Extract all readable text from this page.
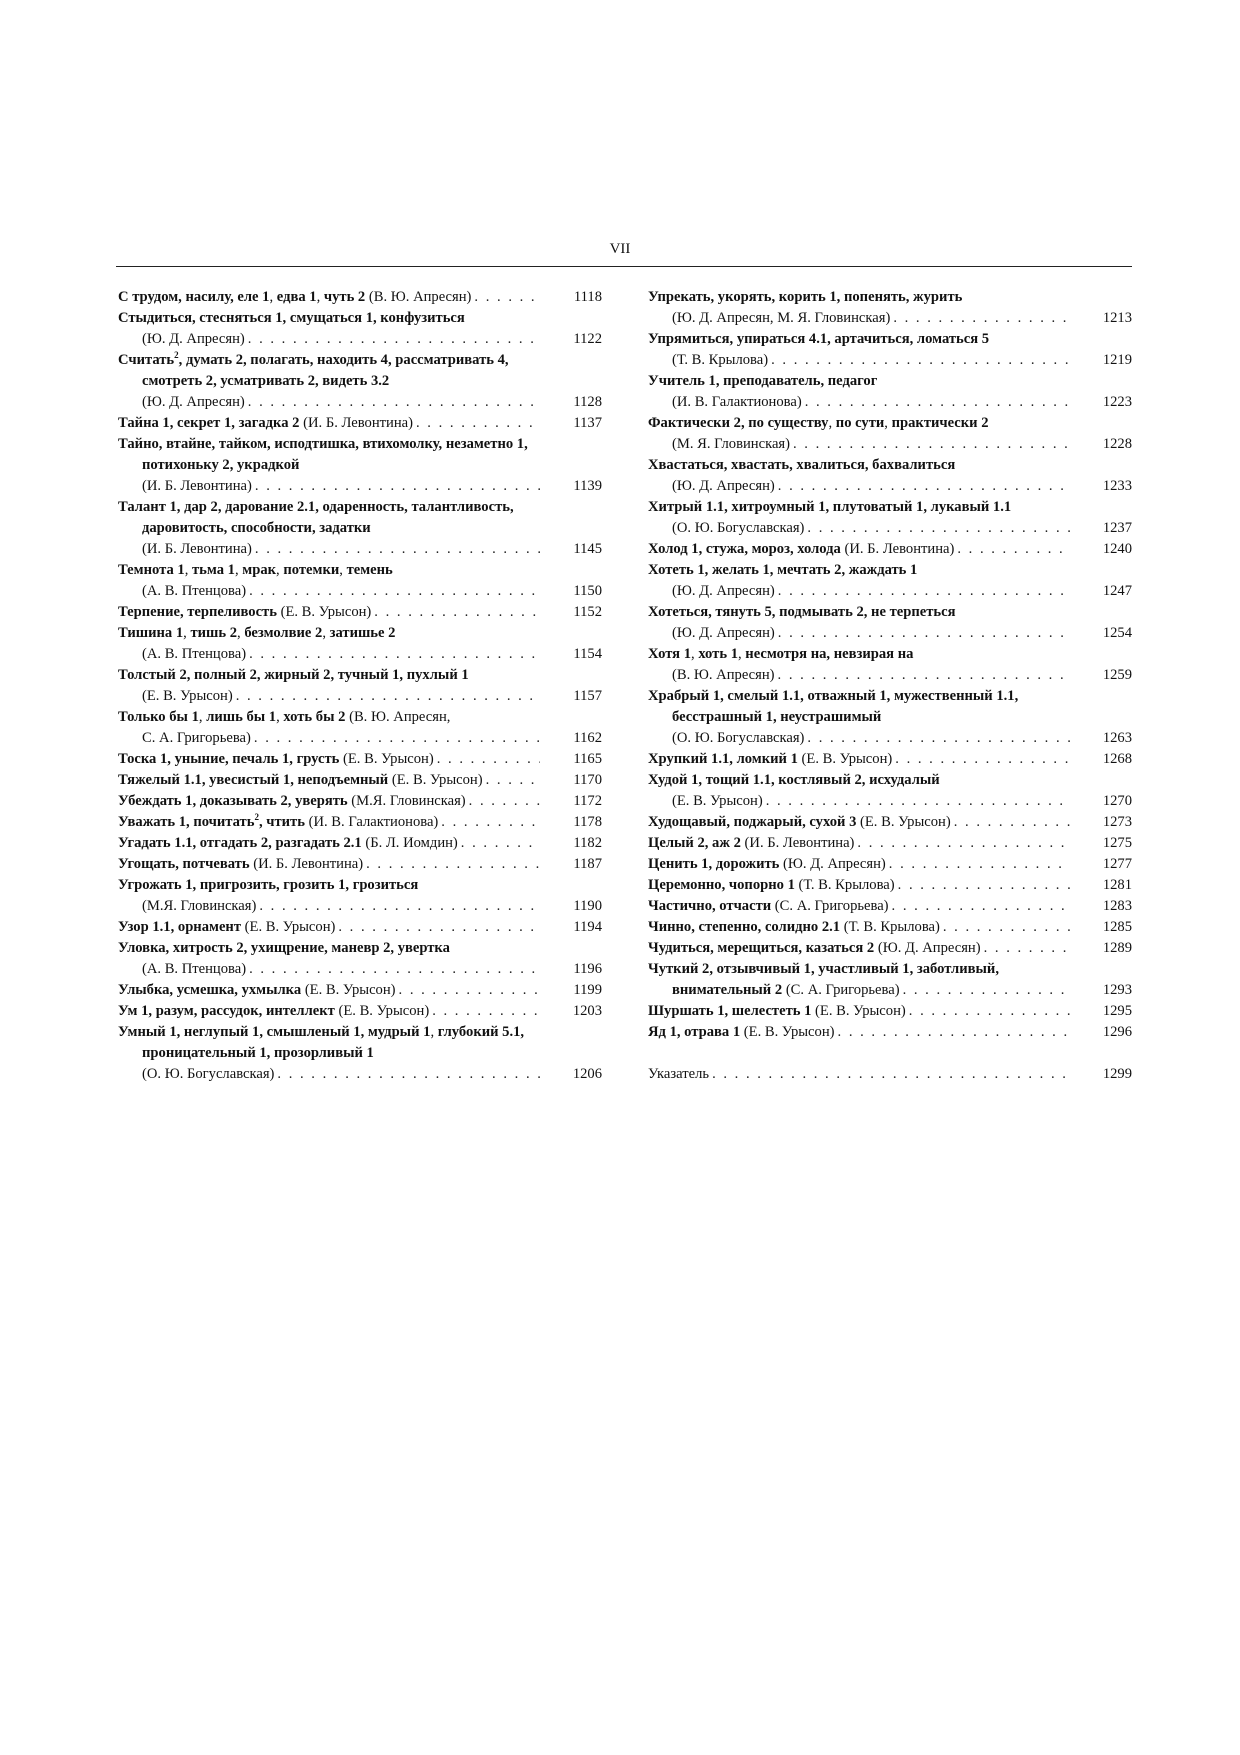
VII
С трудом, насилу, еле 1, едва 1, чуть 2 (В. Ю. Апресян) . . .	1118
Стыдиться, стесняться 1, смущаться 1, конфузиться
(Ю. Д. Апресян) . . .	1122
Считать$^2$, думать 2, полагать, находить 4, рассматривать 4, смотреть 2, усматривать 2, видеть 3.2
(Ю. Д. Апресян) . . .	1128
Тайна 1, секрет 1, загадка 2 (И. Б. Левонтина) . . .	1137
Тайно, втайне, тайком, исподтишка, втихомолку, незаметно 1, потихоньку 2, украдкой
(И. Б. Левонтина) . . .	1139
Талант 1, дар 2, дарование 2.1, одаренность, талантливость, даровитость, способности, задатки
(И. Б. Левонтина) . . .	1145
Темнота 1, тьма 1, мрак, потемки, темень
(А. В. Птенцова) . . .	1150
Терпение, терпеливость (Е. В. Урысон) . . .	1152
Тишина 1, тишь 2, безмолвие 2, затишье 2
(А. В. Птенцова) . . .	1154
Толстый 2, полный 2, жирный 2, тучный 1, пухлый 1
(Е. В. Урысон) . . .	1157
Только бы 1, лишь бы 1, хоть бы 2 (В. Ю. Апресян,
С. А. Григорьева) . . .	1162
Тоска 1, уныние, печаль 1, грусть (Е. В. Урысон) . . .	1165
Тяжелый 1.1, увесистый 1, неподъемный (Е. В. Урысон) . . .	1170
Убеждать 1, доказывать 2, уверять (М.Я. Гловинская) . . .	1172
Уважать 1, почитать$^2$, чтить (И. В. Галактионова) . . .	1178
Угадать 1.1, отгадать 2, разгадать 2.1 (Б. Л. Иомдин) . . .	1182
Угощать, потчевать (И. Б. Левонтина) . . .	1187
Угрожать 1, пригрозить, грозить 1, грозиться
(М.Я. Гловинская) . . .	1190
Узор 1.1, орнамент (Е. В. Урысон) . . .	1194
Уловка, хитрость 2, ухищрение, маневр 2, увертка
(А. В. Птенцова) . . .	1196
Улыбка, усмешка, ухмылка (Е. В. Урысон) . . .	1199
Ум 1, разум, рассудок, интеллект (Е. В. Урысон) . . .	1203
Умный 1, неглупый 1, смышленый 1, мудрый 1, глубокий 5.1, проницательный 1, прозорливый 1
(О. Ю. Богуславская) . . .	1206
Упрекать, укорять, корить 1, попенять, журить
(Ю. Д. Апресян, М. Я. Гловинская) . . .	1213
Упрямиться, упираться 4.1, артачиться, ломаться 5
(Т. В. Крылова) . . .	1219
Учитель 1, преподаватель, педагог
(И. В. Галактионова) . . .	1223
Фактически 2, по существу, по сути, практически 2
(М. Я. Гловинская) . . .	1228
Хвастаться, хвастать, хвалиться, бахвалиться
(Ю. Д. Апресян) . . .	1233
Хитрый 1.1, хитроумный 1, плутоватый 1, лукавый 1.1
(О. Ю. Богуславская) . . .	1237
Холод 1, стужа, мороз, холода (И. Б. Левонтина) . . .	1240
Хотеть 1, желать 1, мечтать 2, жаждать 1
(Ю. Д. Апресян) . . .	1247
Хотеться, тянуть 5, подмывать 2, не терпеться
(Ю. Д. Апресян) . . .	1254
Хотя 1, хоть 1, несмотря на, невзирая на
(В. Ю. Апресян) . . .	1259
Храбрый 1, смелый 1.1, отважный 1, мужественный 1.1, бесстрашный 1, неустрашимый
(О. Ю. Богуславская) . . .	1263
Хрупкий 1.1, ломкий 1 (Е. В. Урысон) . . .	1268
Худой 1, тощий 1.1, костлявый 2, исхудалый
(Е. В. Урысон) . . .	1270
Худощавый, поджарый, сухой 3 (Е. В. Урысон) . . .	1273
Целый 2, аж 2 (И. Б. Левонтина) . . .	1275
Ценить 1, дорожить (Ю. Д. Апресян) . . .	1277
Церемонно, чопорно 1 (Т. В. Крылова) . . .	1281
Частично, отчасти (С. А. Григорьева) . . .	1283
Чинно, степенно, солидно 2.1 (Т. В. Крылова) . . .	1285
Чудиться, мерещиться, казаться 2 (Ю. Д. Апресян) . . .	1289
Чуткий 2, отзывчивый 1, участливый 1, заботливый,
внимательный 2 (С. А. Григорьева) . . .	1293
Шуршать 1, шелестеть 1 (Е. В. Урысон) . . .	1295
Яд 1, отрава 1 (Е. В. Урысон) . . .	1296
Указатель . . .	1299
